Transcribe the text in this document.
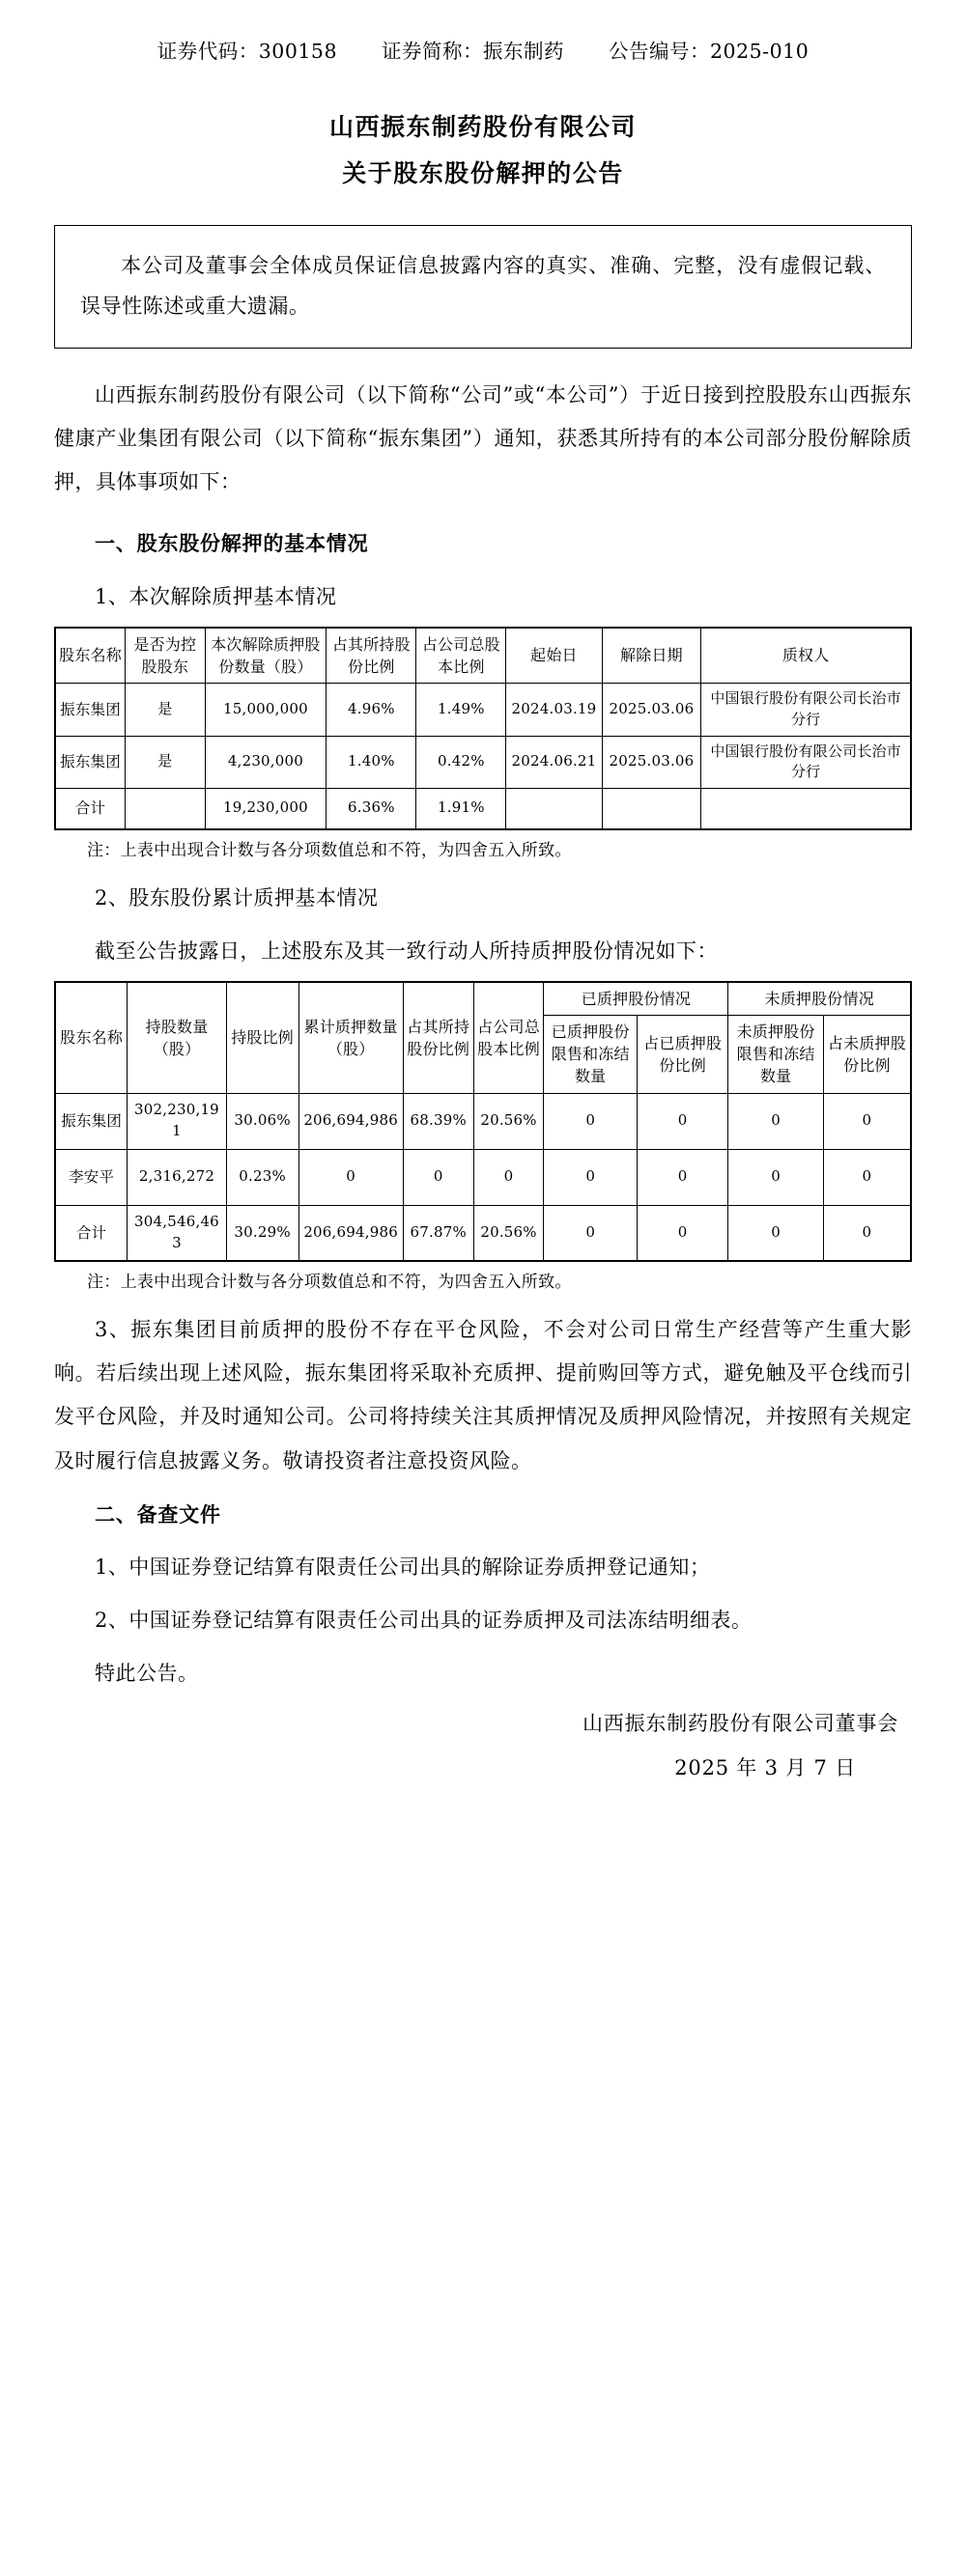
证券代码：300158 证券简称：振东制药 公告编号：2025-010
山西振东制药股份有限公司
关于股东股份解押的公告

本公司及董事会全体成员保证信息披露内容的真实、准确、完整，没有虚假记载、误导性陈述或重大遗漏。

山西振东制药股份有限公司（以下简称“公司”或“本公司”）于近日接到控股股东山西振东健康产业集团有限公司（以下简称“振东集团”）通知，获悉其所持有的本公司部分股份解除质押，具体事项如下：

一、股东股份解押的基本情况

1、本次解除质押基本情况

股东名称	是否为控股股东	本次解除质押股份数量（股）	占其所持股份比例	占公司总股本比例	起始日	解除日期	质权人
振东集团	是	15,000,000	4.96%	1.49%	2024.03.19	2025.03.06	中国银行股份有限公司长治市分行
振东集团	是	4,230,000	1.40%	0.42%	2024.06.21	2025.03.06	中国银行股份有限公司长治市分行
合计		19,230,000	6.36%	1.91%			

注：上表中出现合计数与各分项数值总和不符，为四舍五入所致。

2、股东股份累计质押基本情况

截至公告披露日，上述股东及其一致行动人所持质押股份情况如下：

股东名称	持股数量（股）	持股比例	累计质押数量（股）	占其所持股份比例	占公司总股本比例	已质押股份情况		未质押股份情况	
						已质押股份限售和冻结数量	占已质押股份比例	未质押股份限售和冻结数量	占未质押股份比例
振东集团	302,230,191	30.06%	206,694,986	68.39%	20.56%	0	0	0	0
李安平	2,316,272	0.23%	0	0	0	0	0	0	0
合计	304,546,463	30.29%	206,694,986	67.87%	20.56%	0	0	0	0

注：上表中出现合计数与各分项数值总和不符，为四舍五入所致。

3、振东集团目前质押的股份不存在平仓风险，不会对公司日常生产经营等产生重大影响。若后续出现上述风险，振东集团将采取补充质押、提前购回等方式，避免触及平仓线而引发平仓风险，并及时通知公司。公司将持续关注其质押情况及质押风险情况，并按照有关规定及时履行信息披露义务。敬请投资者注意投资风险。

二、备查文件

1、中国证券登记结算有限责任公司出具的解除证券质押登记通知；

2、中国证券登记结算有限责任公司出具的证券质押及司法冻结明细表。

特此公告。

山西振东制药股份有限公司董事会
2025 年 3 月 7 日
